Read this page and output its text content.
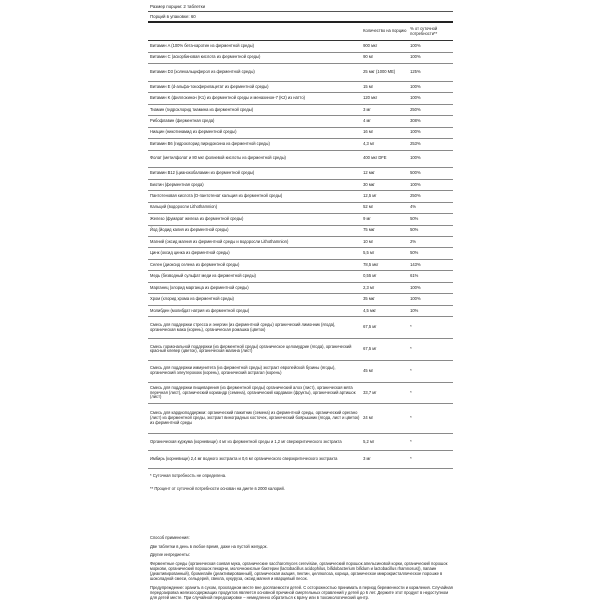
Размер порции: 2 таблетки
Порций в упаковке: 60
	Количество на порцию	% от суточной потребности**
Витамин A (100% бета-каротин из ферментной среды)	900 мкг	100%
Витамин C (аскорбиновая кислота из ферментной среды)	90 мг	100%
Витамин D3 (холекальциферол из ферментной среды)	25 мкг (1000 МЕ)	125%
Витамин E (d-альфа-токоферилацетат из ферментной среды)	15 мг	100%
Витамин K (филлохинон (K1) из ферментной среды и менахинон-7 (K2) из натто)	120 мкг	100%
Тиамин (гидрохлорид тиамина из ферментной среды)	3 мг	250%
Рибофлавин (ферментная среда)	4 мг	308%
Ниацин (никотинамид из ферментной среды)	16 мг	100%
Витамин B6 (гидрохлорид пиридоксина из ферментной среды)	4,3 мг	253%
Фолат (метилфолат и 80 мкг фолиевой кислоты из ферментной среды)	400 мкг DFE	100%
Витамин B12 (цианокобаламин из ферментной среды)	12 мкг	500%
Биотин (ферментная среда)	30 мкг	100%
Пантотеновая кислота (D-пантотенат кальция из ферментной среды)	12,5 мг	250%
Кальций (водоросли Lithothamnion)	52 мг	4%
Железо (фумарат железа из ферментной среды)	9 мг	50%
Йод (йодид калия из ферментной среды)	75 мкг	50%
Магний (оксид магния из ферментной среды и водоросли Lithothamnion)	10 мг	2%
Цинк (оксид цинка из ферментной среды)	5,5 мг	50%
Селен (диоксид селена из ферментной среды)	78,5 мкг	143%
Медь (безводный сульфат меди из ферментной среды)	0,55 мг	61%
Марганец (хлорид марганца из ферментной среды)	2,3 мг	100%
Хром (хлорид хрома из ферментной среды)	35 мкг	100%
Молибден (молибдат натрия из ферментной среды)	4,5 мкг	10%
Смесь для поддержки стресса и энергии (из ферментной среды) органический лимонник (ягода), органическая мака (корень), органическая ромашка (цветок)	67,5 мг	*
Смесь гормональной поддержки (из ферментной среды) органическое целомудрие (ягода), органический красный клевер (цветок), органическая малина (лист)	67,5 мг	*
Смесь для поддержки иммунитета (из ферментной среды) экстракт европейской бузины (ягоды), органический элеутерококк (корень), органический астрагал (корень)	45 мг	*
Смесь для поддержки пищеварения (из ферментной среды) органический алоэ (лист), органическая мята перечная (лист), органический кориандр (семена), органический кардамон (фрукты), органический артишок (лист)	33,7 мг	*
Смесь для кардиоподдержки: органический пажитник (семена) из ферментной среды, органический орегано (лист) из ферментной среды, экстракт виноградных косточек, органический боярышник (ягода, лист и цветок) из ферментной среды	24 мг	*
Органическая куркума (корневище) 4 мг из ферментной среды и 1,2 мг сверхкритического экстракта	5,2 мг	*
Имбирь (корневище) 2,4 мг водного экстракта и 0,6 мг органического сверхкритического экстракта	3 мг	*

* Суточная потребность не определена.

** Процент от суточной потребности основан на диете в 2000 калорий.

Способ применения:

Две таблетки в день в любое время, даже на пустой желудок.

Другие ингредиенты:

Ферментные среды (органическая соевая мука, органические saccharomyces cerevisiae, органический порошок апельсиновой корки, органический порошок моркови, органический порошок пекарни, молочнокислые бактерии (lactobacillus acidophilus, bifidobacterium bifidum и lactobacillus rhamnosus)), папаин (деактивированный), бромелайн (деактивированный), органическая акация, пектин, целлюлоза, корица, органическое микрокристаллическое порошке в шоколадной смеси, сельдерей, свекла, кукуруза, оксид магния и кварцевый песок.

Предупреждение: хранить в сухом, прохладном месте вне досягаемости детей. С осторожностью принимать в период беременности и кормления. Случайная передозировка железосодержащих продуктов является основной причиной смертельных отравлений у детей до 6 лет. Держите этот продукт в недоступном для детей месте. При случайной передозировке – немедленно обратиться к врачу или в токсикологический центр.
